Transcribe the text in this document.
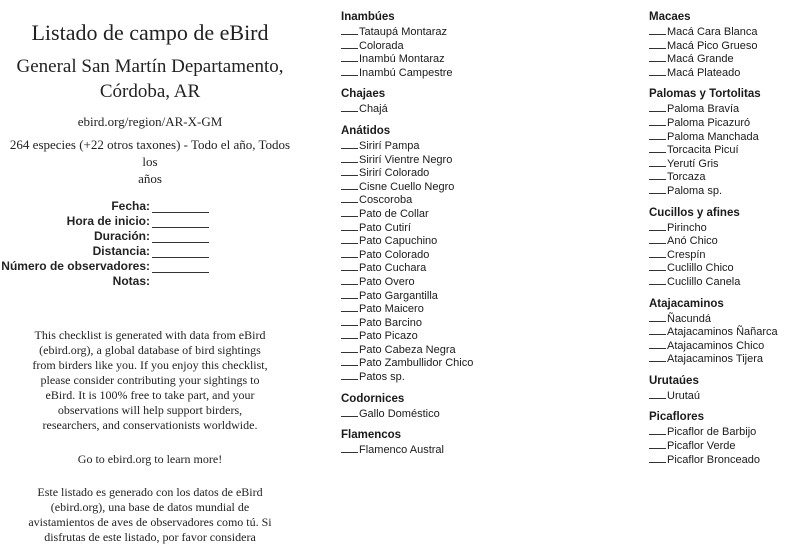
Listado de campo de eBird
General San Martín Departamento,
Córdoba, AR
ebird.org/region/AR-X-GM
264 especies (+22 otros taxones) - Todo el año, Todos los
años
Fecha:
Hora de inicio:
Duración:
Distancia:
Número de observadores:
Notas:
This checklist is generated with data from eBird
(ebird.org), a global database of bird sightings
from birders like you. If you enjoy this checklist,
please consider contributing your sightings to
eBird. It is 100% free to take part, and your
observations will help support birders,
researchers, and conservationists worldwide.
Go to ebird.org to learn more!
Este listado es generado con los datos de eBird
(ebird.org), una base de datos mundial de
avistamientos de aves de observadores como tú. Si
disfrutas de este listado, por favor considera
Inambúes
Tataupá Montaraz
Colorada
Inambú Montaraz
Inambú Campestre
Chajaes
Chajá
Anátidos
Sirirí Pampa
Sirirí Vientre Negro
Sirirí Colorado
Cisne Cuello Negro
Coscoroba
Pato de Collar
Pato Cutirí
Pato Capuchino
Pato Colorado
Pato Cuchara
Pato Overo
Pato Gargantilla
Pato Maicero
Pato Barcino
Pato Picazo
Pato Cabeza Negra
Pato Zambullidor Chico
Patos sp.
Codornices
Gallo Doméstico
Flamencos
Flamenco Austral
Macaes
Macá Cara Blanca
Macá Pico Grueso
Macá Grande
Macá Plateado
Palomas y Tortolitas
Paloma Bravía
Paloma Picazuró
Paloma Manchada
Torcacita Picuí
Yerutí Gris
Torcaza
Paloma sp.
Cucillos y afines
Pirincho
Anó Chico
Crespín
Cuclillo Chico
Cuclillo Canela
Atajacaminos
Ñacundá
Atajacaminos Ñañarca
Atajacaminos Chico
Atajacaminos Tijera
Urutaúes
Urutaú
Picaflores
Picaflor de Barbijo
Picaflor Verde
Picaflor Bronceado
